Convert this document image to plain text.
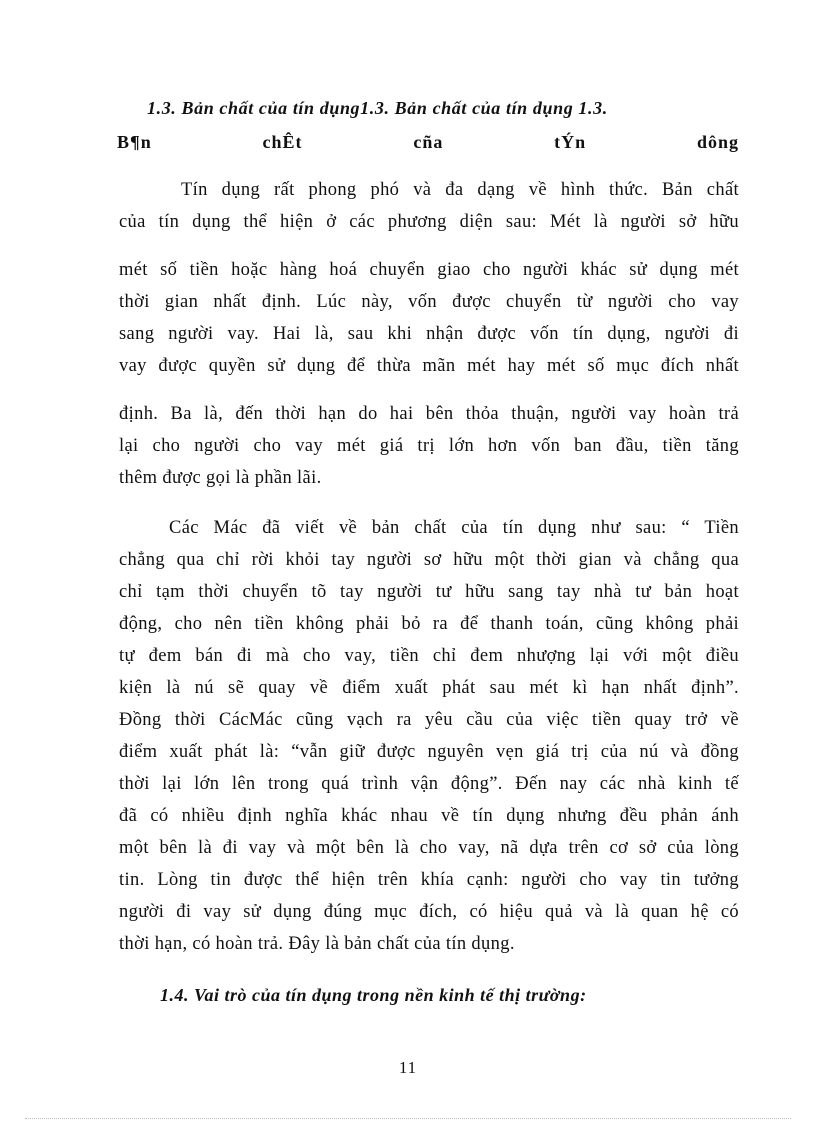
1.3. Bản chất của tín dụng1.3. Bản chất của tín dụng 1.3.
B¶n	chÊt	cña	tÝn	dông
Tín dụng rất phong phó và đa dạng về hình thức. Bản chất
của tín dụng thể hiện ở các phương diện sau: Mét là người sở hữu
mét số tiền hoặc hàng hoá chuyển giao cho người khác sử dụng mét
thời gian nhất định. Lúc này, vốn được chuyển từ người cho vay
sang người vay. Hai là, sau khi nhận được vốn tín dụng, người đi
vay được quyền sử dụng để thừa mãn mét hay mét số mục đích nhất
định. Ba là, đến thời hạn do hai bên thỏa thuận, người vay hoàn trả
lại cho người cho vay mét giá trị lớn hơn vốn ban đầu, tiền tăng
thêm được gọi là phần lãi.
Các Mác đã viết về bản chất của tín dụng như sau: “ Tiền
chẳng qua chỉ rời khỏi tay người sơ hữu một thời gian và chẳng qua
chỉ tạm thời chuyển tõ tay người tư hữu sang tay nhà tư bản hoạt
động, cho nên tiền không phải bỏ ra để thanh toán, cũng không phải
tự đem bán đi mà cho vay, tiền chỉ đem nhượng lại với một điều
kiện là nú sẽ quay về điểm xuất phát sau mét kì hạn nhất định”.
Đồng thời CácMác cũng vạch ra yêu cầu của việc tiền quay trở về
điểm xuất phát là: “vẫn giữ được nguyên vẹn giá trị của nú và đồng
thời lại lớn lên trong quá trình vận động”. Đến nay các nhà kinh tế
đã có nhiều định nghĩa khác nhau về tín dụng nhưng đều phản ánh
một bên là đi vay và một bên là cho vay, nã dựa trên cơ sở của lòng
tin. Lòng tin được thể hiện trên khía cạnh: người cho vay tin tưởng
người đi vay sử dụng đúng mục đích, có hiệu quả và là quan hệ có
thời hạn, có hoàn trả. Đây là bản chất của tín dụng.
1.4. Vai trò của tín dụng trong nền kinh tế thị trường:
11
